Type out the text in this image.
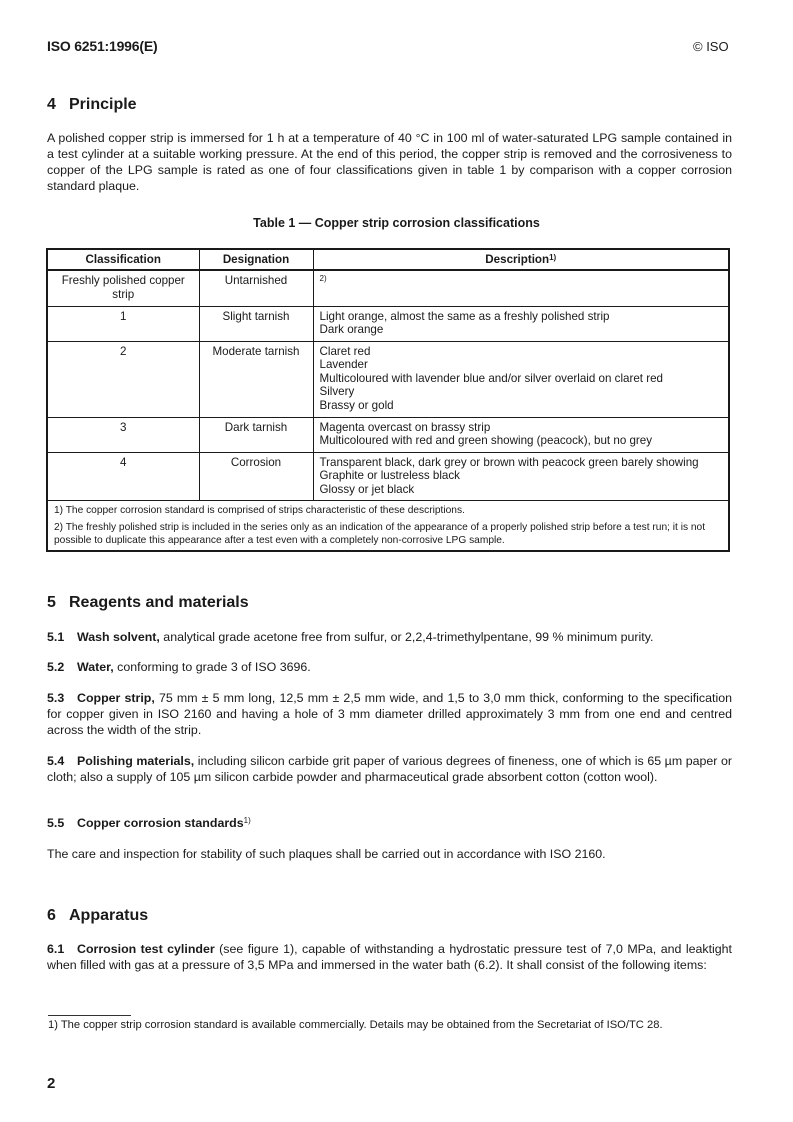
ISO 6251:1996(E)	© ISO
4 Principle
A polished copper strip is immersed for 1 h at a temperature of 40 °C in 100 ml of water-saturated LPG sample contained in a test cylinder at a suitable working pressure. At the end of this period, the copper strip is removed and the corrosiveness to copper of the LPG sample is rated as one of four classifications given in table 1 by comparison with a copper corrosion standard plaque.
Table 1 — Copper strip corrosion classifications
Classification	Designation	Description$^{1)}$
Freshly polished copper strip	Untarnished	$^{2)}$

1	Slight tarnish	Light orange, almost the same as a freshly polished strip
Dark orange

2	Moderate tarnish	Claret red
Lavender
Multicoloured with lavender blue and/or silver overlaid on claret red
Silvery
Brassy or gold

3	Dark tarnish	Magenta overcast on brassy strip
Multicoloured with red and green showing (peacock), but no grey

4	Corrosion	Transparent black, dark grey or brown with peacock green barely showing
Graphite or lustreless black
Glossy or jet black

1) The copper corrosion standard is comprised of strips characteristic of these descriptions.
2) The freshly polished strip is included in the series only as an indication of the appearance of a properly polished strip before a test run; it is not possible to duplicate this appearance after a test even with a completely non-corrosive LPG sample.		
5 Reagents and materials
5.1 Wash solvent, analytical grade acetone free from sulfur, or 2,2,4-trimethylpentane, 99 % minimum purity.
5.2 Water, conforming to grade 3 of ISO 3696.
5.3 Copper strip, 75 mm ± 5 mm long, 12,5 mm ± 2,5 mm wide, and 1,5 to 3,0 mm thick, conforming to the specification for copper given in ISO 2160 and having a hole of 3 mm diameter drilled approximately 3 mm from one end and centred across the width of the strip.
5.4 Polishing materials, including silicon carbide grit paper of various degrees of fineness, one of which is 65 µm paper or cloth; also a supply of 105 µm silicon carbide powder and pharmaceutical grade absorbent cotton (cotton wool).
5.5 Copper corrosion standards$^{1)}$
The care and inspection for stability of such plaques shall be carried out in accordance with ISO 2160.
6 Apparatus
6.1 Corrosion test cylinder (see figure 1), capable of withstanding a hydrostatic pressure test of 7,0 MPa, and leaktight when filled with gas at a pressure of 3,5 MPa and immersed in the water bath (6.2). It shall consist of the following items:
1) The copper strip corrosion standard is available commercially. Details may be obtained from the Secretariat of ISO/TC 28.
2
